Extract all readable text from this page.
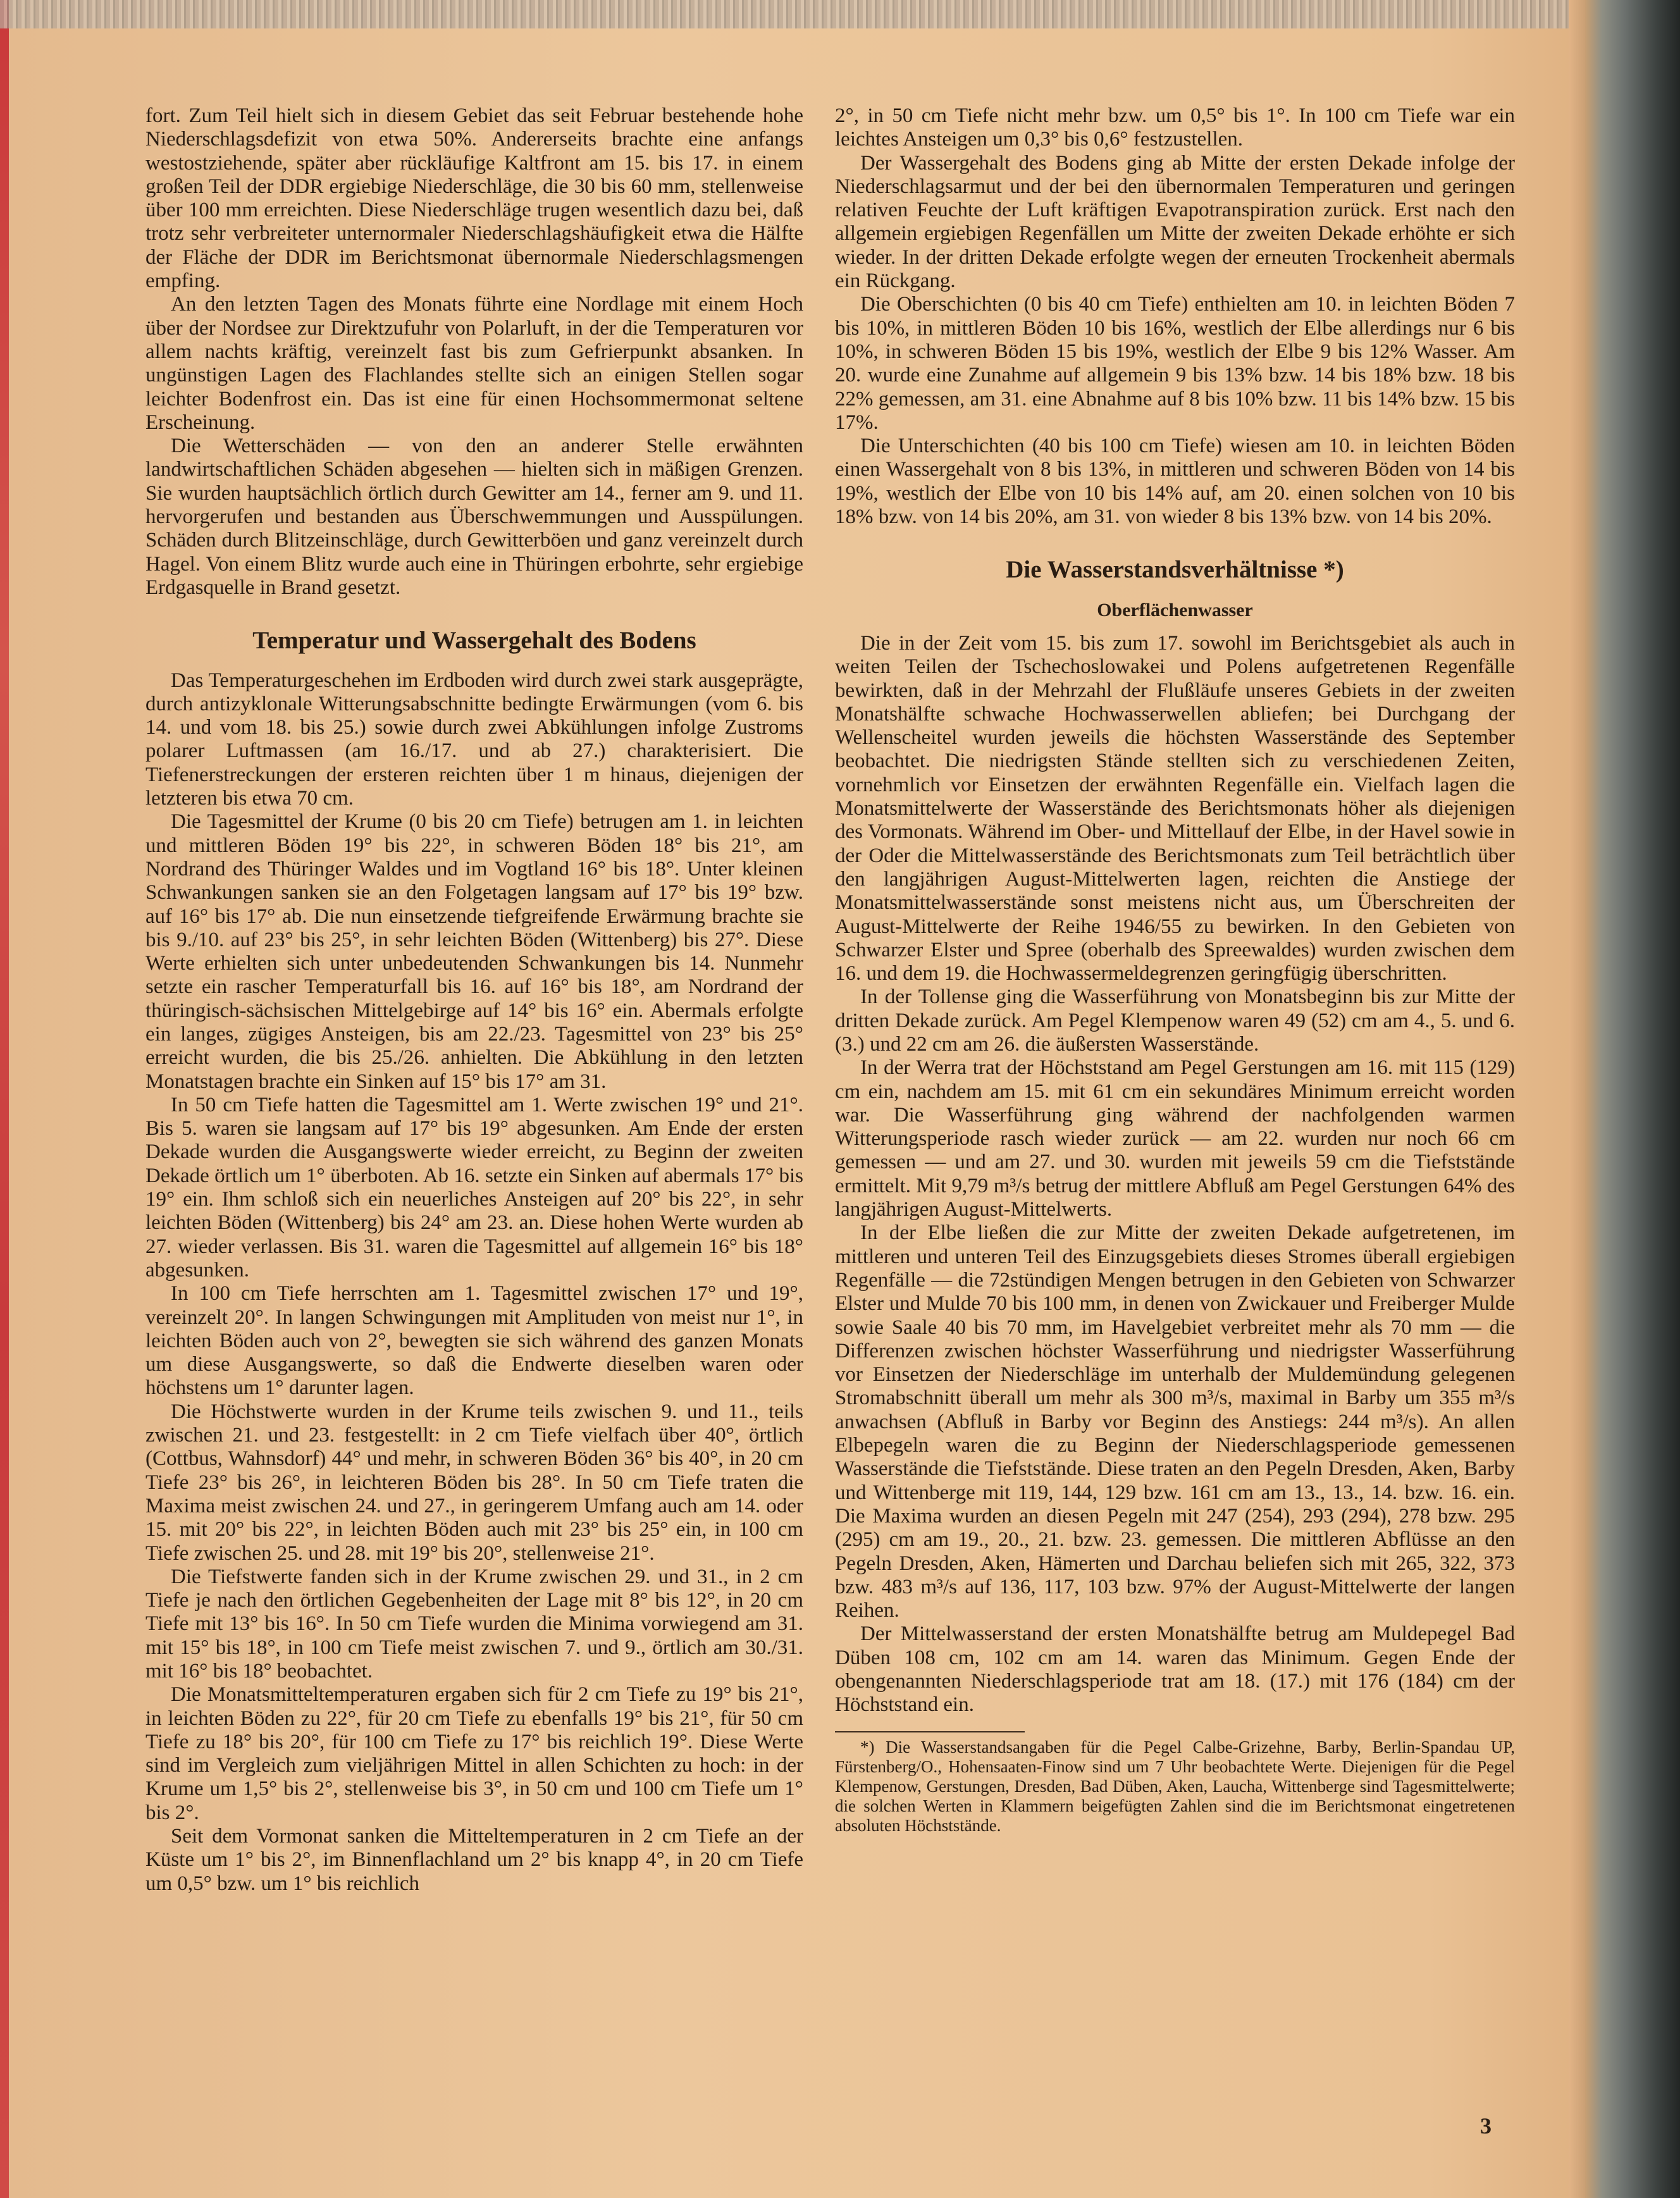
fort. Zum Teil hielt sich in diesem Gebiet das seit Februar bestehende hohe Niederschlagsdefizit von etwa 50%. Andererseits brachte eine anfangs westostziehende, später aber rückläufige Kaltfront am 15. bis 17. in einem großen Teil der DDR ergiebige Niederschläge, die 30 bis 60 mm, stellenweise über 100 mm erreichten. Diese Niederschläge trugen wesentlich dazu bei, daß trotz sehr verbreiteter unternormaler Niederschlagshäufigkeit etwa die Hälfte der Fläche der DDR im Berichtsmonat übernormale Niederschlagsmengen empfing.

An den letzten Tagen des Monats führte eine Nordlage mit einem Hoch über der Nordsee zur Direktzufuhr von Polarluft, in der die Temperaturen vor allem nachts kräftig, vereinzelt fast bis zum Gefrierpunkt absanken. In ungünstigen Lagen des Flachlandes stellte sich an einigen Stellen sogar leichter Bodenfrost ein. Das ist eine für einen Hochsommermonat seltene Erscheinung.

Die Wetterschäden — von den an anderer Stelle erwähnten landwirtschaftlichen Schäden abgesehen — hielten sich in mäßigen Grenzen. Sie wurden hauptsächlich örtlich durch Gewitter am 14., ferner am 9. und 11. hervorgerufen und bestanden aus Überschwemmungen und Ausspülungen. Schäden durch Blitzeinschläge, durch Gewitterböen und ganz vereinzelt durch Hagel. Von einem Blitz wurde auch eine in Thüringen erbohrte, sehr ergiebige Erdgasquelle in Brand gesetzt.

Temperatur und Wassergehalt des Bodens

Das Temperaturgeschehen im Erdboden wird durch zwei stark ausgeprägte, durch antizyklonale Witterungsabschnitte bedingte Erwärmungen (vom 6. bis 14. und vom 18. bis 25.) sowie durch zwei Abkühlungen infolge Zustroms polarer Luftmassen (am 16./17. und ab 27.) charakterisiert. Die Tiefenerstreckungen der ersteren reichten über 1 m hinaus, diejenigen der letzteren bis etwa 70 cm.

Die Tagesmittel der Krume (0 bis 20 cm Tiefe) betrugen am 1. in leichten und mittleren Böden 19° bis 22°, in schweren Böden 18° bis 21°, am Nordrand des Thüringer Waldes und im Vogtland 16° bis 18°. Unter kleinen Schwankungen sanken sie an den Folgetagen langsam auf 17° bis 19° bzw. auf 16° bis 17° ab. Die nun einsetzende tiefgreifende Erwärmung brachte sie bis 9./10. auf 23° bis 25°, in sehr leichten Böden (Wittenberg) bis 27°. Diese Werte erhielten sich unter unbedeutenden Schwankungen bis 14. Nunmehr setzte ein rascher Temperaturfall bis 16. auf 16° bis 18°, am Nordrand der thüringisch-sächsischen Mittelgebirge auf 14° bis 16° ein. Abermals erfolgte ein langes, zügiges Ansteigen, bis am 22./23. Tagesmittel von 23° bis 25° erreicht wurden, die bis 25./26. anhielten. Die Abkühlung in den letzten Monatstagen brachte ein Sinken auf 15° bis 17° am 31.

In 50 cm Tiefe hatten die Tagesmittel am 1. Werte zwischen 19° und 21°. Bis 5. waren sie langsam auf 17° bis 19° abgesunken. Am Ende der ersten Dekade wurden die Ausgangswerte wieder erreicht, zu Beginn der zweiten Dekade örtlich um 1° überboten. Ab 16. setzte ein Sinken auf abermals 17° bis 19° ein. Ihm schloß sich ein neuerliches Ansteigen auf 20° bis 22°, in sehr leichten Böden (Wittenberg) bis 24° am 23. an. Diese hohen Werte wurden ab 27. wieder verlassen. Bis 31. waren die Tagesmittel auf allgemein 16° bis 18° abgesunken.

In 100 cm Tiefe herrschten am 1. Tagesmittel zwischen 17° und 19°, vereinzelt 20°. In langen Schwingungen mit Amplituden von meist nur 1°, in leichten Böden auch von 2°, bewegten sie sich während des ganzen Monats um diese Ausgangswerte, so daß die Endwerte dieselben waren oder höchstens um 1° darunter lagen.

Die Höchstwerte wurden in der Krume teils zwischen 9. und 11., teils zwischen 21. und 23. festgestellt: in 2 cm Tiefe vielfach über 40°, örtlich (Cottbus, Wahnsdorf) 44° und mehr, in schweren Böden 36° bis 40°, in 20 cm Tiefe 23° bis 26°, in leichteren Böden bis 28°. In 50 cm Tiefe traten die Maxima meist zwischen 24. und 27., in geringerem Umfang auch am 14. oder 15. mit 20° bis 22°, in leichten Böden auch mit 23° bis 25° ein, in 100 cm Tiefe zwischen 25. und 28. mit 19° bis 20°, stellenweise 21°.

Die Tiefstwerte fanden sich in der Krume zwischen 29. und 31., in 2 cm Tiefe je nach den örtlichen Gegebenheiten der Lage mit 8° bis 12°, in 20 cm Tiefe mit 13° bis 16°. In 50 cm Tiefe wurden die Minima vorwiegend am 31. mit 15° bis 18°, in 100 cm Tiefe meist zwischen 7. und 9., örtlich am 30./31. mit 16° bis 18° beobachtet.

Die Monatsmitteltemperaturen ergaben sich für 2 cm Tiefe zu 19° bis 21°, in leichten Böden zu 22°, für 20 cm Tiefe zu ebenfalls 19° bis 21°, für 50 cm Tiefe zu 18° bis 20°, für 100 cm Tiefe zu 17° bis reichlich 19°. Diese Werte sind im Vergleich zum vieljährigen Mittel in allen Schichten zu hoch: in der Krume um 1,5° bis 2°, stellenweise bis 3°, in 50 cm und 100 cm Tiefe um 1° bis 2°.

Seit dem Vormonat sanken die Mitteltemperaturen in 2 cm Tiefe an der Küste um 1° bis 2°, im Binnenflachland um 2° bis knapp 4°, in 20 cm Tiefe um 0,5° bzw. um 1° bis reichlich

2°, in 50 cm Tiefe nicht mehr bzw. um 0,5° bis 1°. In 100 cm Tiefe war ein leichtes Ansteigen um 0,3° bis 0,6° festzustellen.

Der Wassergehalt des Bodens ging ab Mitte der ersten Dekade infolge der Niederschlagsarmut und der bei den übernormalen Temperaturen und geringen relativen Feuchte der Luft kräftigen Evapotranspiration zurück. Erst nach den allgemein ergiebigen Regenfällen um Mitte der zweiten Dekade erhöhte er sich wieder. In der dritten Dekade erfolgte wegen der erneuten Trockenheit abermals ein Rückgang.

Die Oberschichten (0 bis 40 cm Tiefe) enthielten am 10. in leichten Böden 7 bis 10%, in mittleren Böden 10 bis 16%, westlich der Elbe allerdings nur 6 bis 10%, in schweren Böden 15 bis 19%, westlich der Elbe 9 bis 12% Wasser. Am 20. wurde eine Zunahme auf allgemein 9 bis 13% bzw. 14 bis 18% bzw. 18 bis 22% gemessen, am 31. eine Abnahme auf 8 bis 10% bzw. 11 bis 14% bzw. 15 bis 17%.

Die Unterschichten (40 bis 100 cm Tiefe) wiesen am 10. in leichten Böden einen Wassergehalt von 8 bis 13%, in mittleren und schweren Böden von 14 bis 19%, westlich der Elbe von 10 bis 14% auf, am 20. einen solchen von 10 bis 18% bzw. von 14 bis 20%, am 31. von wieder 8 bis 13% bzw. von 14 bis 20%.

Die Wasserstandsverhältnisse *)
Oberflächenwasser

Die in der Zeit vom 15. bis zum 17. sowohl im Berichtsgebiet als auch in weiten Teilen der Tschechoslowakei und Polens aufgetretenen Regenfälle bewirkten, daß in der Mehrzahl der Flußläufe unseres Gebiets in der zweiten Monatshälfte schwache Hochwasserwellen abliefen; bei Durchgang der Wellenscheitel wurden jeweils die höchsten Wasserstände des September beobachtet. Die niedrigsten Stände stellten sich zu verschiedenen Zeiten, vornehmlich vor Einsetzen der erwähnten Regenfälle ein. Vielfach lagen die Monatsmittelwerte der Wasserstände des Berichtsmonats höher als diejenigen des Vormonats. Während im Ober- und Mittellauf der Elbe, in der Havel sowie in der Oder die Mittelwasserstände des Berichtsmonats zum Teil beträchtlich über den langjährigen August-Mittelwerten lagen, reichten die Anstiege der Monatsmittelwasserstände sonst meistens nicht aus, um Überschreiten der August-Mittelwerte der Reihe 1946/55 zu bewirken. In den Gebieten von Schwarzer Elster und Spree (oberhalb des Spreewaldes) wurden zwischen dem 16. und dem 19. die Hochwassermeldegrenzen geringfügig überschritten.

In der Tollense ging die Wasserführung von Monatsbeginn bis zur Mitte der dritten Dekade zurück. Am Pegel Klempenow waren 49 (52) cm am 4., 5. und 6. (3.) und 22 cm am 26. die äußersten Wasserstände.

In der Werra trat der Höchststand am Pegel Gerstungen am 16. mit 115 (129) cm ein, nachdem am 15. mit 61 cm ein sekundäres Minimum erreicht worden war. Die Wasserführung ging während der nachfolgenden warmen Witterungsperiode rasch wieder zurück — am 22. wurden nur noch 66 cm gemessen — und am 27. und 30. wurden mit jeweils 59 cm die Tiefststände ermittelt. Mit 9,79 m³/s betrug der mittlere Abfluß am Pegel Gerstungen 64% des langjährigen August-Mittelwerts.

In der Elbe ließen die zur Mitte der zweiten Dekade aufgetretenen, im mittleren und unteren Teil des Einzugsgebiets dieses Stromes überall ergiebigen Regenfälle — die 72stündigen Mengen betrugen in den Gebieten von Schwarzer Elster und Mulde 70 bis 100 mm, in denen von Zwickauer und Freiberger Mulde sowie Saale 40 bis 70 mm, im Havelgebiet verbreitet mehr als 70 mm — die Differenzen zwischen höchster Wasserführung und niedrigster Wasserführung vor Einsetzen der Niederschläge im unterhalb der Muldemündung gelegenen Stromabschnitt überall um mehr als 300 m³/s, maximal in Barby um 355 m³/s anwachsen (Abfluß in Barby vor Beginn des Anstiegs: 244 m³/s). An allen Elbepegeln waren die zu Beginn der Niederschlagsperiode gemessenen Wasserstände die Tiefststände. Diese traten an den Pegeln Dresden, Aken, Barby und Wittenberge mit 119, 144, 129 bzw. 161 cm am 13., 13., 14. bzw. 16. ein. Die Maxima wurden an diesen Pegeln mit 247 (254), 293 (294), 278 bzw. 295 (295) cm am 19., 20., 21. bzw. 23. gemessen. Die mittleren Abflüsse an den Pegeln Dresden, Aken, Hämerten und Darchau beliefen sich mit 265, 322, 373 bzw. 483 m³/s auf 136, 117, 103 bzw. 97% der August-Mittelwerte der langen Reihen.

Der Mittelwasserstand der ersten Monatshälfte betrug am Muldepegel Bad Düben 108 cm, 102 cm am 14. waren das Minimum. Gegen Ende der obengenannten Niederschlagsperiode trat am 18. (17.) mit 176 (184) cm der Höchststand ein.

*) Die Wasserstandsangaben für die Pegel Calbe-Grizehne, Barby, Berlin-Spandau UP, Fürstenberg/O., Hohensaaten-Finow sind um 7 Uhr beobachtete Werte. Diejenigen für die Pegel Klempenow, Gerstungen, Dresden, Bad Düben, Aken, Laucha, Wittenberge sind Tagesmittelwerte; die solchen Werten in Klammern beigefügten Zahlen sind die im Berichtsmonat eingetretenen absoluten Höchststände.

3
